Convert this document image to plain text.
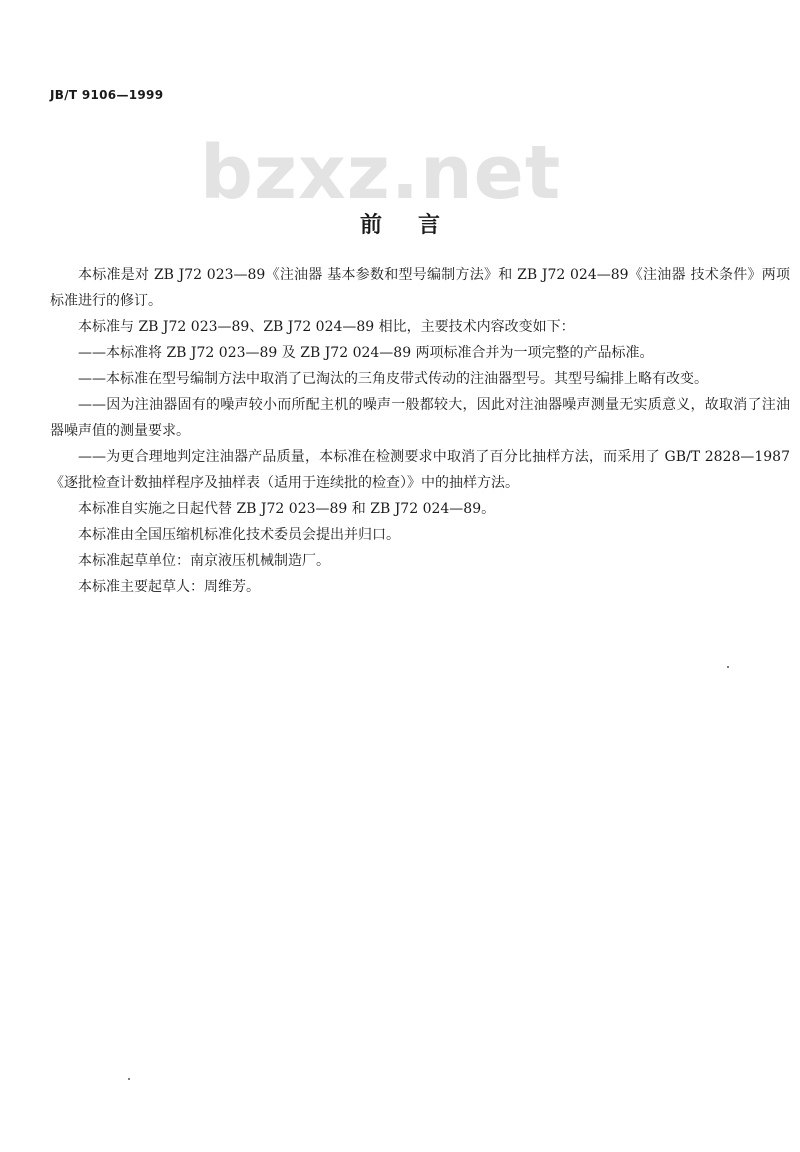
JB/T 9106—1999
bzxz.net
前言

本标准是对 ZB J72 023—89《注油器 基本参数和型号编制方法》和 ZB J72 024—89《注油器 技术条件》两项标准进行的修订。

本标准与 ZB J72 023—89、ZB J72 024—89 相比，主要技术内容改变如下：

——本标准将 ZB J72 023—89 及 ZB J72 024—89 两项标准合并为一项完整的产品标准。

——本标准在型号编制方法中取消了已淘汰的三角皮带式传动的注油器型号。其型号编排上略有改变。

——因为注油器固有的噪声较小而所配主机的噪声一般都较大，因此对注油器噪声测量无实质意义，故取消了注油器噪声值的测量要求。

——为更合理地判定注油器产品质量，本标准在检测要求中取消了百分比抽样方法，而采用了 GB/T 2828—1987《逐批检查计数抽样程序及抽样表（适用于连续批的检查）》中的抽样方法。

本标准自实施之日起代替 ZB J72 023—89 和 ZB J72 024—89。

本标准由全国压缩机标准化技术委员会提出并归口。

本标准起草单位：南京液压机械制造厂。

本标准主要起草人：周维芳。
